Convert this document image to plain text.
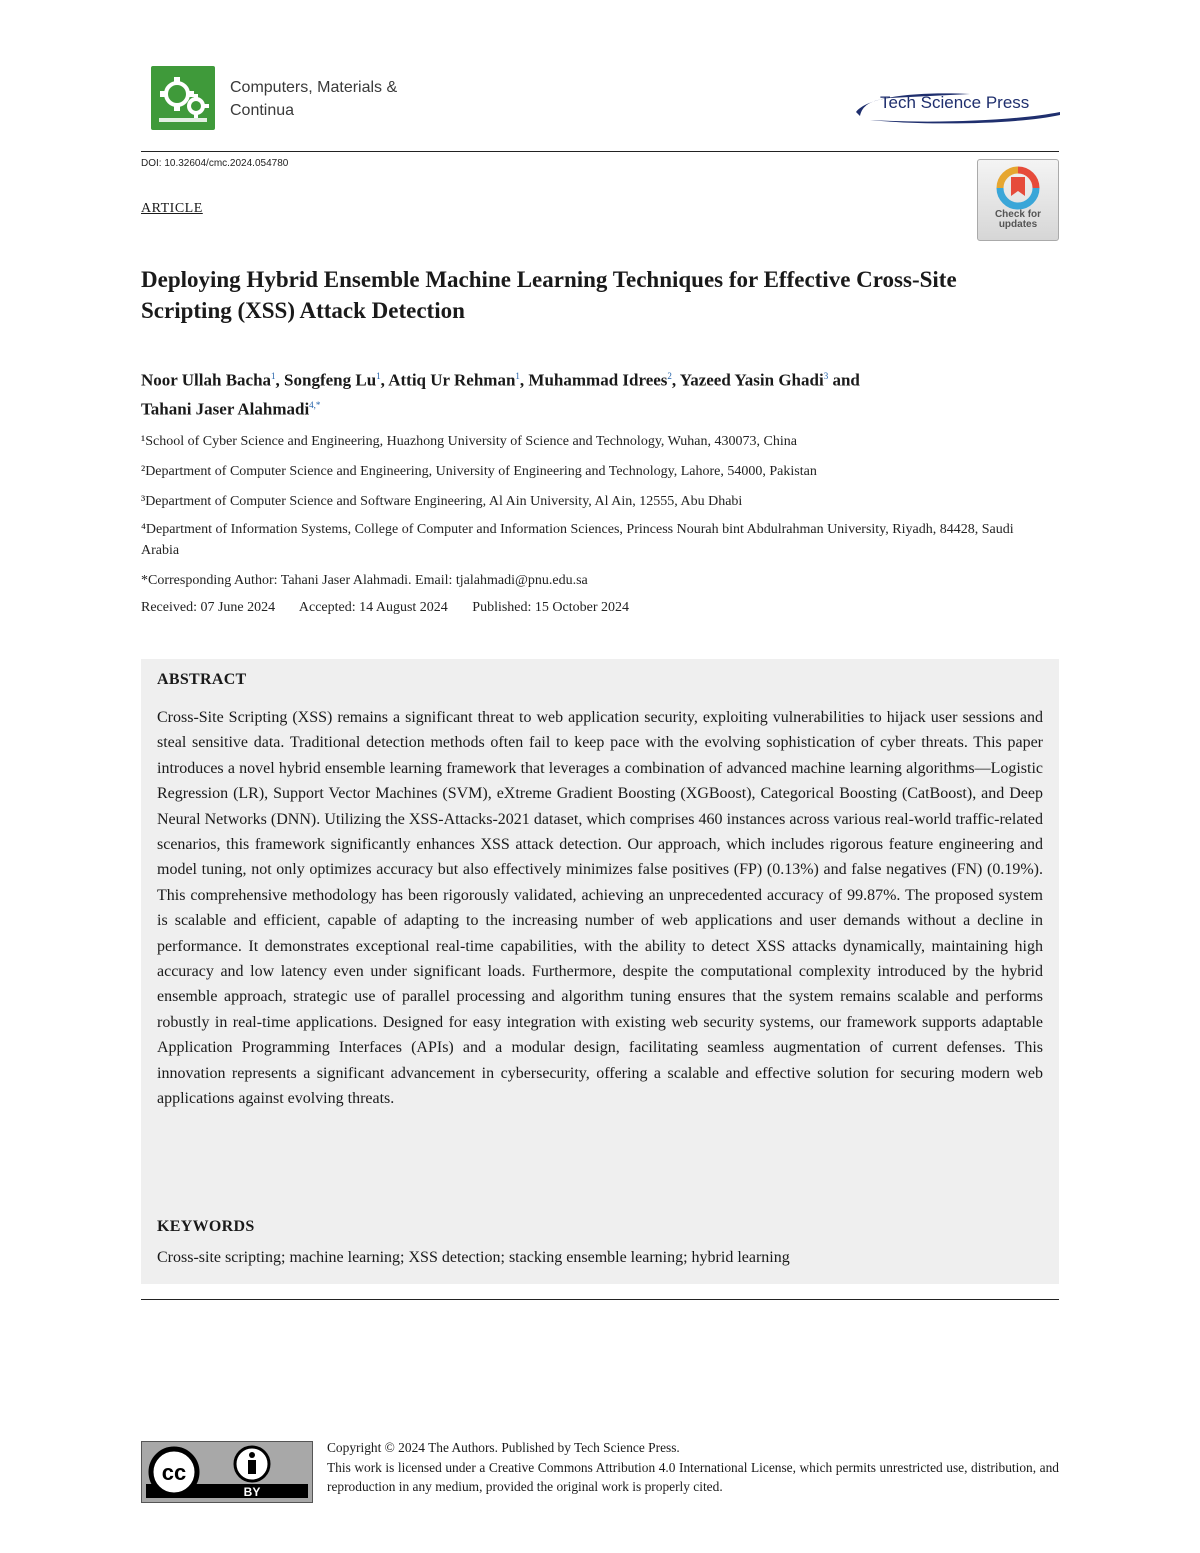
Computers, Materials &
Continua	Tech Science Press
DOI: 10.32604/cmc.2024.054780
ARTICLE	Check for
updates
Deploying Hybrid Ensemble Machine Learning Techniques for Effective Cross-Site Scripting (XSS) Attack Detection
Noor Ullah Bacha$^1$, Songfeng Lu$^1$, Attiq Ur Rehman$^1$, Muhammad Idrees$^2$, Yazeed Yasin Ghadi$^3$ and
Tahani Jaser Alahmadi$^{4,*}$
¹School of Cyber Science and Engineering, Huazhong University of Science and Technology, Wuhan, 430073, China
²Department of Computer Science and Engineering, University of Engineering and Technology, Lahore, 54000, Pakistan
³Department of Computer Science and Software Engineering, Al Ain University, Al Ain, 12555, Abu Dhabi
⁴Department of Information Systems, College of Computer and Information Sciences, Princess Nourah bint Abdulrahman University, Riyadh, 84428, Saudi Arabia
*Corresponding Author: Tahani Jaser Alahmadi. Email: tjalahmadi@pnu.edu.sa
Received: 07 June 2024 Accepted: 14 August 2024 Published: 15 October 2024
ABSTRACT
Cross-Site Scripting (XSS) remains a significant threat to web application security, exploiting vulnerabilities to hijack user sessions and steal sensitive data. Traditional detection methods often fail to keep pace with the evolving sophistication of cyber threats. This paper introduces a novel hybrid ensemble learning framework that leverages a combination of advanced machine learning algorithms—Logistic Regression (LR), Support Vector Machines (SVM), eXtreme Gradient Boosting (XGBoost), Categorical Boosting (CatBoost), and Deep Neural Networks (DNN). Utilizing the XSS-Attacks-2021 dataset, which comprises 460 instances across various real-world traffic-related scenarios, this framework significantly enhances XSS attack detection. Our approach, which includes rigorous feature engineering and model tuning, not only optimizes accuracy but also effectively minimizes false positives (FP) (0.13%) and false negatives (FN) (0.19%). This comprehensive methodology has been rigorously validated, achieving an unprecedented accuracy of 99.87%. The proposed system is scalable and efficient, capable of adapting to the increasing number of web applications and user demands without a decline in performance. It demonstrates exceptional real-time capabilities, with the ability to detect XSS attacks dynamically, maintaining high accuracy and low latency even under significant loads. Furthermore, despite the computational complexity introduced by the hybrid ensemble approach, strategic use of parallel processing and algorithm tuning ensures that the system remains scalable and performs robustly in real-time applications. Designed for easy integration with existing web security systems, our framework supports adaptable Application Programming Interfaces (APIs) and a modular design, facilitating seamless augmentation of current defenses. This innovation represents a significant advancement in cybersecurity, offering a scalable and effective solution for securing modern web applications against evolving threats.
KEYWORDS
Cross-site scripting; machine learning; XSS detection; stacking ensemble learning; hybrid learning
cc
BY
Copyright © 2024 The Authors. Published by Tech Science Press.
This work is licensed under a Creative Commons Attribution 4.0 International License, which permits unrestricted use, distribution, and reproduction in any medium, provided the original work is properly cited.
